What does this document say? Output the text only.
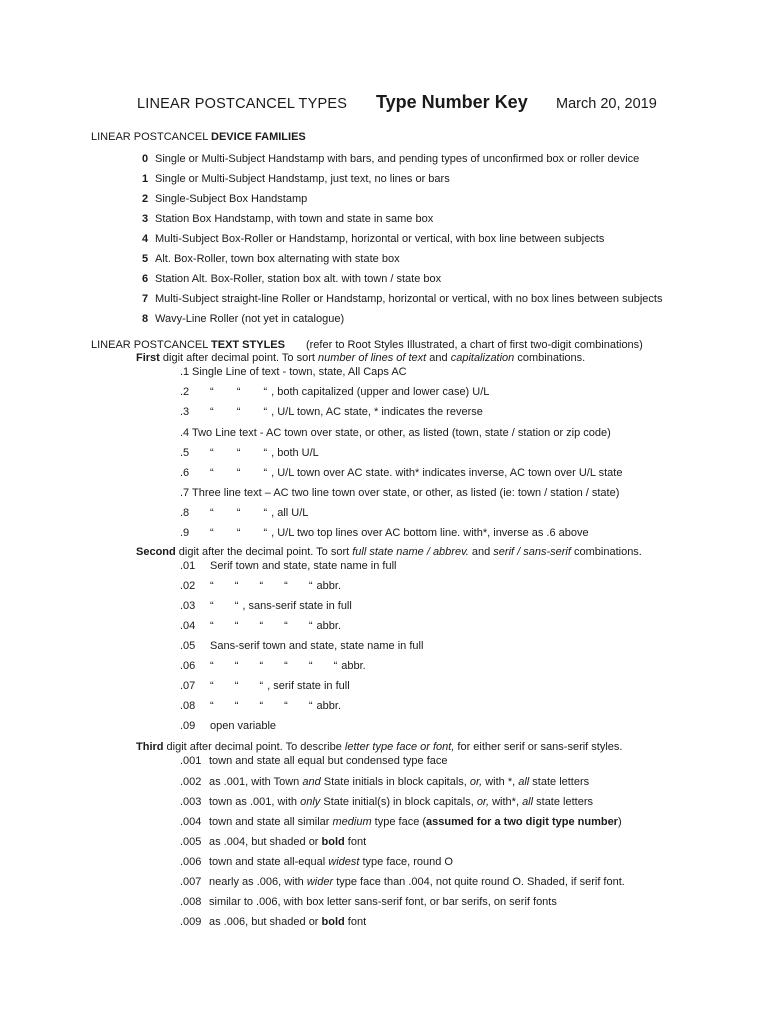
LINEAR POSTCANCEL TYPES Type Number Key March 20, 2019
LINEAR POSTCANCEL DEVICE FAMILIES
0 Single or Multi-Subject Handstamp with bars, and pending types of unconfirmed box or roller device
1 Single or Multi-Subject Handstamp, just text, no lines or bars
2 Single-Subject Box Handstamp
3 Station Box Handstamp, with town and state in same box
4 Multi-Subject Box-Roller or Handstamp, horizontal or vertical, with box line between subjects
5 Alt. Box-Roller, town box alternating with state box
6 Station Alt. Box-Roller, station box alt. with town / state box
7 Multi-Subject straight-line Roller or Handstamp, horizontal or vertical, with no box lines between subjects
8 Wavy-Line Roller (not yet in catalogue)
LINEAR POSTCANCEL TEXT STYLES (refer to Root Styles Illustrated, a chart of first two-digit combinations)
First digit after decimal point. To sort number of lines of text and capitalization combinations.
.1 Single Line of text - town, state, All Caps AC
.2 “ “ “ , both capitalized (upper and lower case) U/L
.3 “ “ “ , U/L town, AC state, * indicates the reverse
.4 Two Line text - AC town over state, or other, as listed (town, state / station or zip code)
.5 “ “ “ , both U/L
.6 “ “ “ , U/L town over AC state. with* indicates inverse, AC town over U/L state
.7 Three line text – AC two line town over state, or other, as listed (ie: town / station / state)
.8 “ “ “ , all U/L
.9 “ “ “ , U/L two top lines over AC bottom line. with*, inverse as .6 above
Second digit after the decimal point. To sort full state name / abbrev. and serif / sans-serif combinations.
.01 Serif town and state, state name in full
.02 “ “ “ “ “ abbr.
.03 “ “ , sans-serif state in full
.04 “ “ “ “ “ abbr.
.05 Sans-serif town and state, state name in full
.06 “ “ “ “ “ “ abbr.
.07 “ “ “ , serif state in full
.08 “ “ “ “ “ abbr.
.09 open variable
Third digit after decimal point. To describe letter type face or font, for either serif or sans-serif styles.
.001 town and state all equal but condensed type face
.002 as .001, with Town and State initials in block capitals, or, with *, all state letters
.003 town as .001, with only State initial(s) in block capitals, or, with*, all state letters
.004 town and state all similar medium type face (assumed for a two digit type number)
.005 as .004, but shaded or bold font
.006 town and state all-equal widest type face, round O
.007 nearly as .006, with wider type face than .004, not quite round O. Shaded, if serif font.
.008 similar to .006, with box letter sans-serif font, or bar serifs, on serif fonts
.009 as .006, but shaded or bold font
